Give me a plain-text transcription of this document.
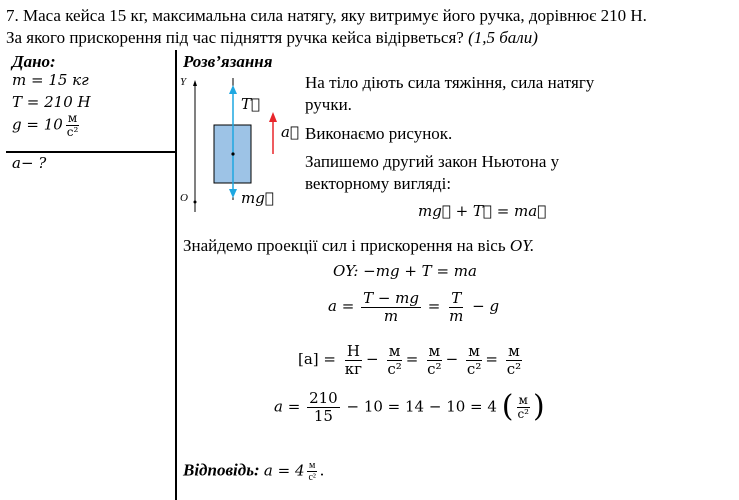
7. Маса кейса 15 кг, максимальна сила натягу, яку витримує його ручка, дорівнює 210 Н.
За якого прискорення під час підняття ручка кейса відірветься? (1,5 бали)
Дано:
m = 15 кг
T = 210 Н
$g = 10 \frac{м}{\text{с²}}$
a− ?
Розв’язання
Y
O
T⃗
a⃗
mg⃗
На тіло діють сила тяжіння, сила натягу
ручки.
Виконаємо рисунок.
Запишемо другий закон Ньютона у
векторному вигляді:
mg⃗ + T⃗ = ma⃗
Знайдемо проекції сил і прискорення на вісь OY.
OY: −mg + T = ma
$a = \frac{T - mg}{m} = \frac{T}{m} - g$
$[a] = \frac{Н}{кг} - \frac{м}{\text{с²}} = \frac{м}{\text{с²}} - \frac{м}{\text{с²}} = \frac{м}{\text{с²}}$
$a = \frac{210}{15} - 10 = 14 - 10 = 4$ ( $\frac{м}{\text{с²}}$ )
Відповідь: $a = 4 \frac{м}{\text{с²}}$ .
